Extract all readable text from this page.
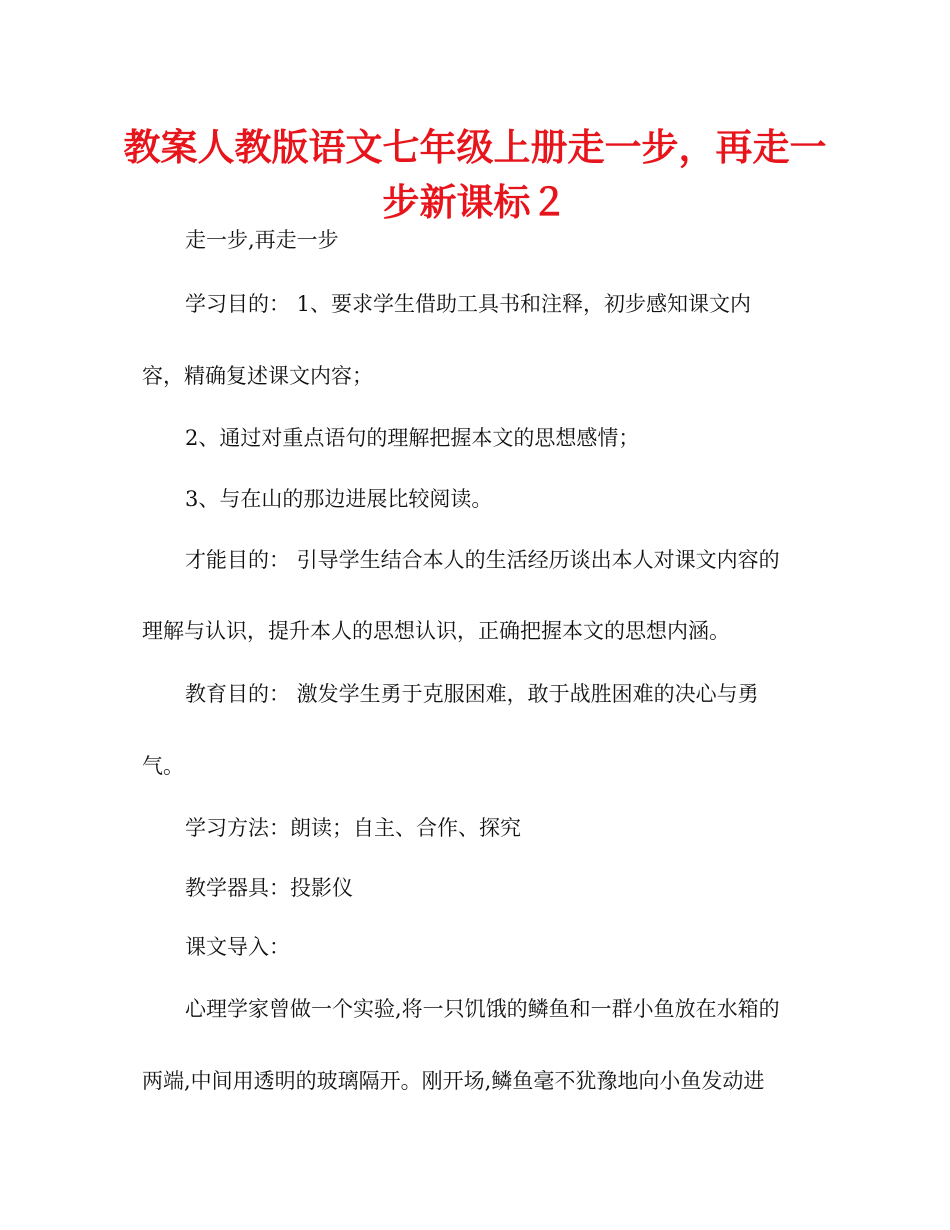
教案人教版语文七年级上册走一步，再走一步新课标２

走一步,再走一步

学习目的： 1、要求学生借助工具书和注释，初步感知课文内

容，精确复述课文内容；

2、通过对重点语句的理解把握本文的思想感情；

3、与在山的那边进展比较阅读。

才能目的： 引导学生结合本人的生活经历谈出本人对课文内容的

理解与认识，提升本人的思想认识，正确把握本文的思想内涵。

教育目的： 激发学生勇于克服困难，敢于战胜困难的决心与勇

气。

学习方法：朗读；自主、合作、探究

教学器具：投影仪

课文导入：

心理学家曾做一个实验,将一只饥饿的鳞鱼和一群小鱼放在水箱的

两端,中间用透明的玻璃隔开。刚开场,鳞鱼毫不犹豫地向小鱼发动进
